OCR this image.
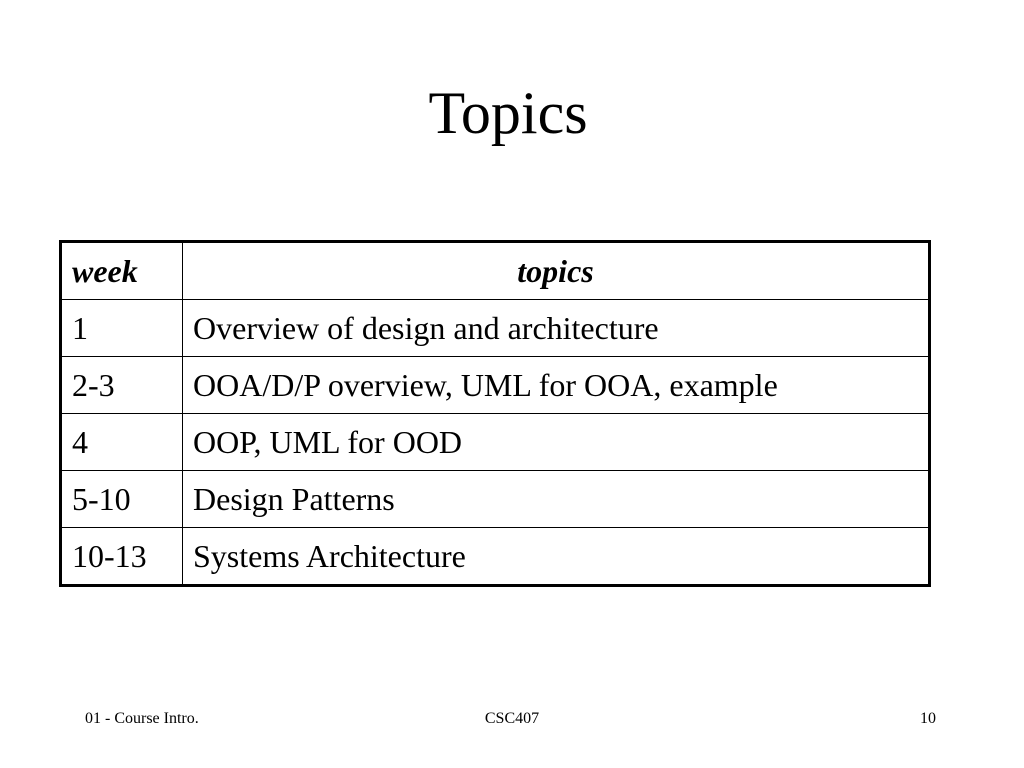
Topics
week	topics
1	Overview of design and architecture
2-3	OOA/D/P overview, UML for OOA, example
4	OOP, UML for OOD
5-10	Design Patterns
10-13	Systems Architecture
01 - Course Intro.	CSC407	10
